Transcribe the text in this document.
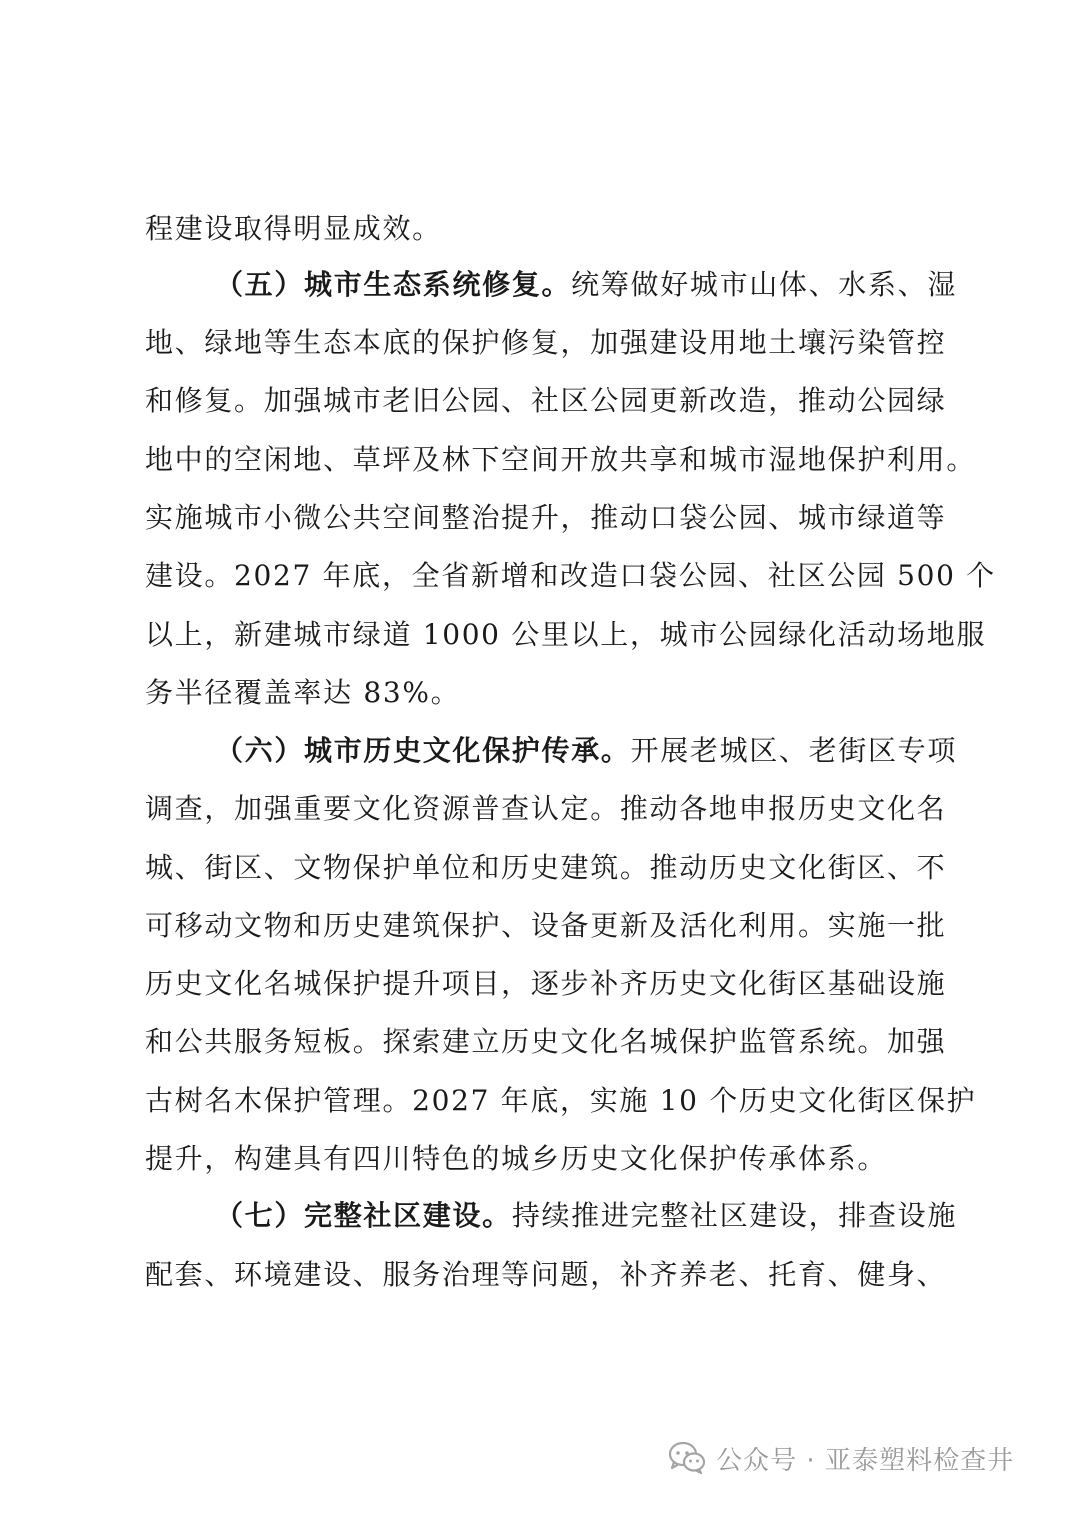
程建设取得明显成效。
（五）城市生态系统修复。统筹做好城市山体、水系、湿
地、绿地等生态本底的保护修复，加强建设用地土壤污染管控
和修复。加强城市老旧公园、社区公园更新改造，推动公园绿
地中的空闲地、草坪及林下空间开放共享和城市湿地保护利用。
实施城市小微公共空间整治提升，推动口袋公园、城市绿道等
建设。2027 年底，全省新增和改造口袋公园、社区公园 500 个
以上，新建城市绿道 1000 公里以上，城市公园绿化活动场地服
务半径覆盖率达 83%。
（六）城市历史文化保护传承。开展老城区、老街区专项
调查，加强重要文化资源普查认定。推动各地申报历史文化名
城、街区、文物保护单位和历史建筑。推动历史文化街区、不
可移动文物和历史建筑保护、设备更新及活化利用。实施一批
历史文化名城保护提升项目，逐步补齐历史文化街区基础设施
和公共服务短板。探索建立历史文化名城保护监管系统。加强
古树名木保护管理。2027 年底，实施 10 个历史文化街区保护
提升，构建具有四川特色的城乡历史文化保护传承体系。
（七）完整社区建设。持续推进完整社区建设，排查设施
配套、环境建设、服务治理等问题，补齐养老、托育、健身、
公众号 · 亚泰塑料检查井
